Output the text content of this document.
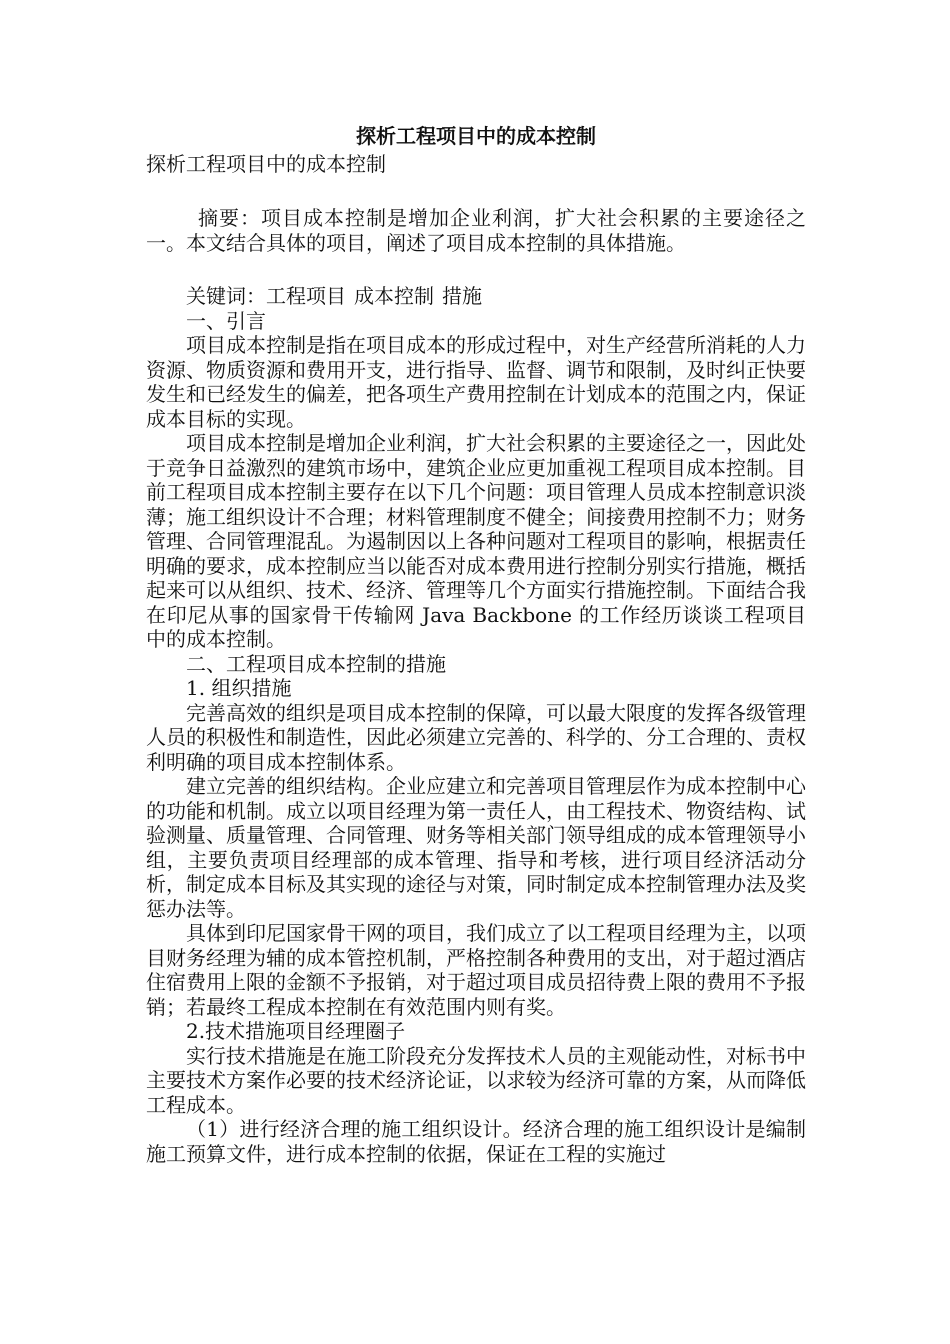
探析工程项目中的成本控制

探析工程项目中的成本控制

摘要：项目成本控制是增加企业利润，扩大社会积累的主要途径之一。本文结合具体的项目，阐述了项目成本控制的具体措施。

关键词：工程项目 成本控制 措施

一、引言

项目成本控制是指在项目成本的形成过程中，对生产经营所消耗的人力资源、物质资源和费用开支，进行指导、监督、调节和限制，及时纠正快要发生和已经发生的偏差，把各项生产费用控制在计划成本的范围之内，保证成本目标的实现。

项目成本控制是增加企业利润，扩大社会积累的主要途径之一，因此处于竞争日益激烈的建筑市场中，建筑企业应更加重视工程项目成本控制。目前工程项目成本控制主要存在以下几个问题：项目管理人员成本控制意识淡薄；施工组织设计不合理；材料管理制度不健全；间接费用控制不力；财务管理、合同管理混乱。为遏制因以上各种问题对工程项目的影响，根据责任明确的要求，成本控制应当以能否对成本费用进行控制分别实行措施，概括起来可以从组织、技术、经济、管理等几个方面实行措施控制。下面结合我在印尼从事的国家骨干传输网 Java Backbone 的工作经历谈谈工程项目中的成本控制。

二、工程项目成本控制的措施

1. 组织措施

完善高效的组织是项目成本控制的保障，可以最大限度的发挥各级管理人员的积极性和制造性，因此必须建立完善的、科学的、分工合理的、责权利明确的项目成本控制体系。

建立完善的组织结构。企业应建立和完善项目管理层作为成本控制中心的功能和机制。成立以项目经理为第一责任人，由工程技术、物资结构、试验测量、质量管理、合同管理、财务等相关部门领导组成的成本管理领导小组，主要负责项目经理部的成本管理、指导和考核，进行项目经济活动分析，制定成本目标及其实现的途径与对策，同时制定成本控制管理办法及奖惩办法等。

具体到印尼国家骨干网的项目，我们成立了以工程项目经理为主，以项目财务经理为辅的成本管控机制，严格控制各种费用的支出，对于超过酒店住宿费用上限的金额不予报销，对于超过项目成员招待费上限的费用不予报销；若最终工程成本控制在有效范围内则有奖。

2.技术措施项目经理圈子

实行技术措施是在施工阶段充分发挥技术人员的主观能动性，对标书中主要技术方案作必要的技术经济论证，以求较为经济可靠的方案，从而降低工程成本。

（1）进行经济合理的施工组织设计。经济合理的施工组织设计是编制施工预算文件，进行成本控制的依据，保证在工程的实施过
